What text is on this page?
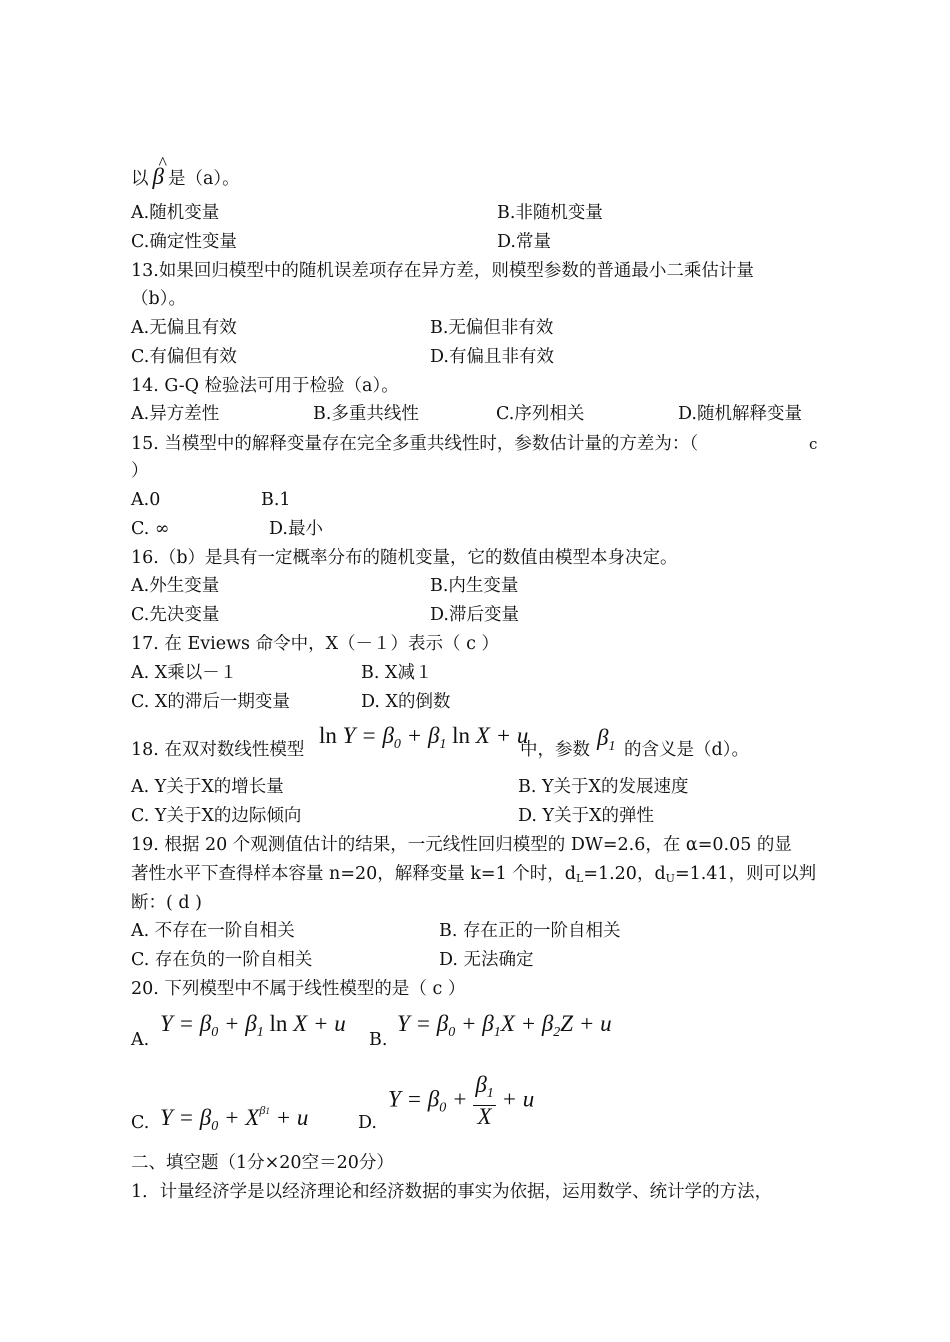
以^ β 是（a）。
A.随机变量	B.非随机变量
C.确定性变量	D.常量
13.如果回归模型中的随机误差项存在异方差，则模型参数的普通最小二乘估计量
（b）。
A.无偏且有效	B.无偏但非有效
C.有偏但有效	D.有偏且非有效
14. G-Q 检验法可用于检验（a）。
A.异方差性	B.多重共线性	C.序列相关	D.随机解释变量
15. 当模型中的解释变量存在完全多重共线性时，参数估计量的方差为：（	c
）
A.0	B.1
C. ∞	D.最小
16.（b）是具有一定概率分布的随机变量，它的数值由模型本身决定。
A.外生变量	B.内生变量
C.先决变量	D.滞后变量
17. 在 Eviews 命令中，X（－１）表示（ c ）
A. X乘以－１	B. X减１
C. X的滞后一期变量	D. X的倒数
18. 在双对数线性模型
$\ln Y = \beta_0 + \beta_1$ ln X + u
中，参数 $\beta_1$ 的含义是（d）。
A. Y关于X的增长量	B. Y关于X的发展速度
C. Y关于X的边际倾向	D. Y关于X的弹性
19. 根据 20 个观测值估计的结果，一元线性回归模型的 DW=2.6，在 α=0.05 的显
著性水平下查得样本容量 n=20，解释变量 k=1 个时，dL=1.20，dU=1.41，则可以判
断：( d )
A. 不存在一阶自相关	B. 存在正的一阶自相关
C. 存在负的一阶自相关	D. 无法确定
20. 下列模型中不属于线性模型的是（ c ）
A.
$Y = \beta_0 + \beta_1$ ln X + u
B.
$Y = \beta_0 + \beta_1X + \beta_2Z + u$
C. $Y = \beta_0 + X^{\beta 1} + u$	D.
$Y = \beta_0 + \frac{\beta_1}{X} + u$
二、填空题（1分×20空＝20分）
1．计量经济学是以经济理论和经济数据的事实为依据，运用数学、统计学的方法，
